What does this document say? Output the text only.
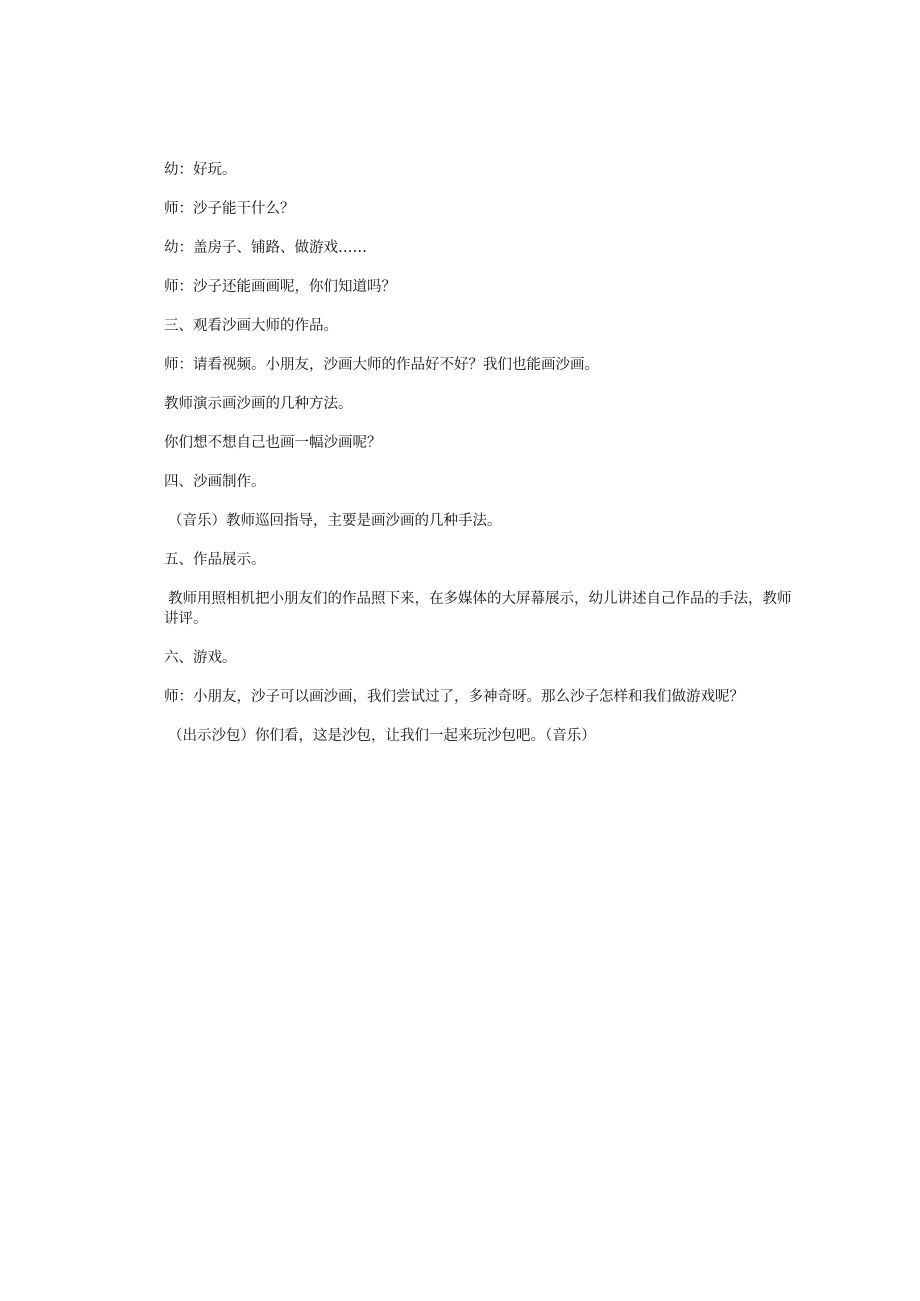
幼：好玩。

师：沙子能干什么？

幼：盖房子、铺路、做游戏……

师：沙子还能画画呢，你们知道吗？

三、观看沙画大师的作品。

师：请看视频。小朋友，沙画大师的作品好不好？我们也能画沙画。

教师演示画沙画的几种方法。

你们想不想自己也画一幅沙画呢？

四、沙画制作。

（音乐）教师巡回指导，主要是画沙画的几种手法。

五、作品展示。

教师用照相机把小朋友们的作品照下来，在多媒体的大屏幕展示，幼儿讲述自己作品的手法，教师讲评。

六、游戏。

师：小朋友，沙子可以画沙画，我们尝试过了，多神奇呀。那么沙子怎样和我们做游戏呢？

（出示沙包）你们看，这是沙包，让我们一起来玩沙包吧。（音乐）
